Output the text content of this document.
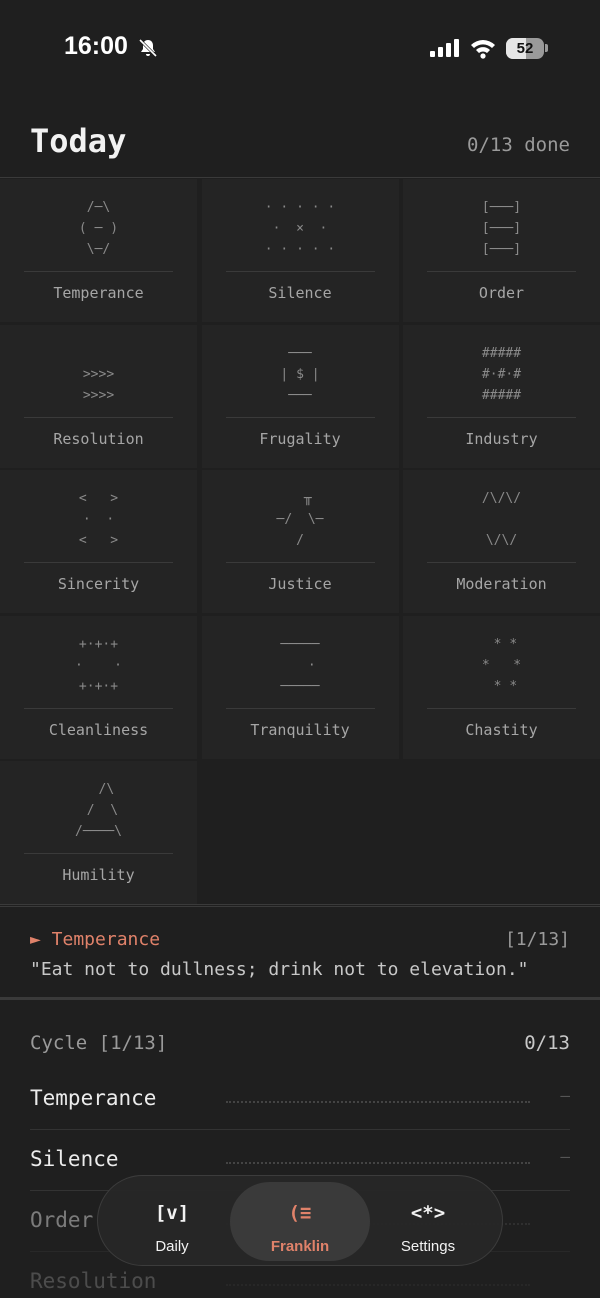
16:00	52
Today	0/13 done
/─\
( ─ )
\─/
Temperance
· · · · ·
·  ×  ·
· · · · ·
Silence
[───]
[───]
[───]
Order

>>>>
>>>>
Resolution
───
| $ |
───
Frugality
#####
#·#·#
#####
Industry
<   >
·  ·
<   >
Sincerity
╥
─/  \─
/
Justice
/\/\/

\/\/
Moderation
+·+·+
·    ·
+·+·+
Cleanliness
─────
·
─────
Tranquility
* *
*   *
* *
Chastity
/\
/  \
/────\
Humility
► Temperance	[1/13]
"Eat not to dullness; drink not to elevation."
Cycle [1/13]	0/13
Temperance	—
Silence	—
Order
Resolution
[v]
Daily
(≡
Franklin
<*>
Settings
